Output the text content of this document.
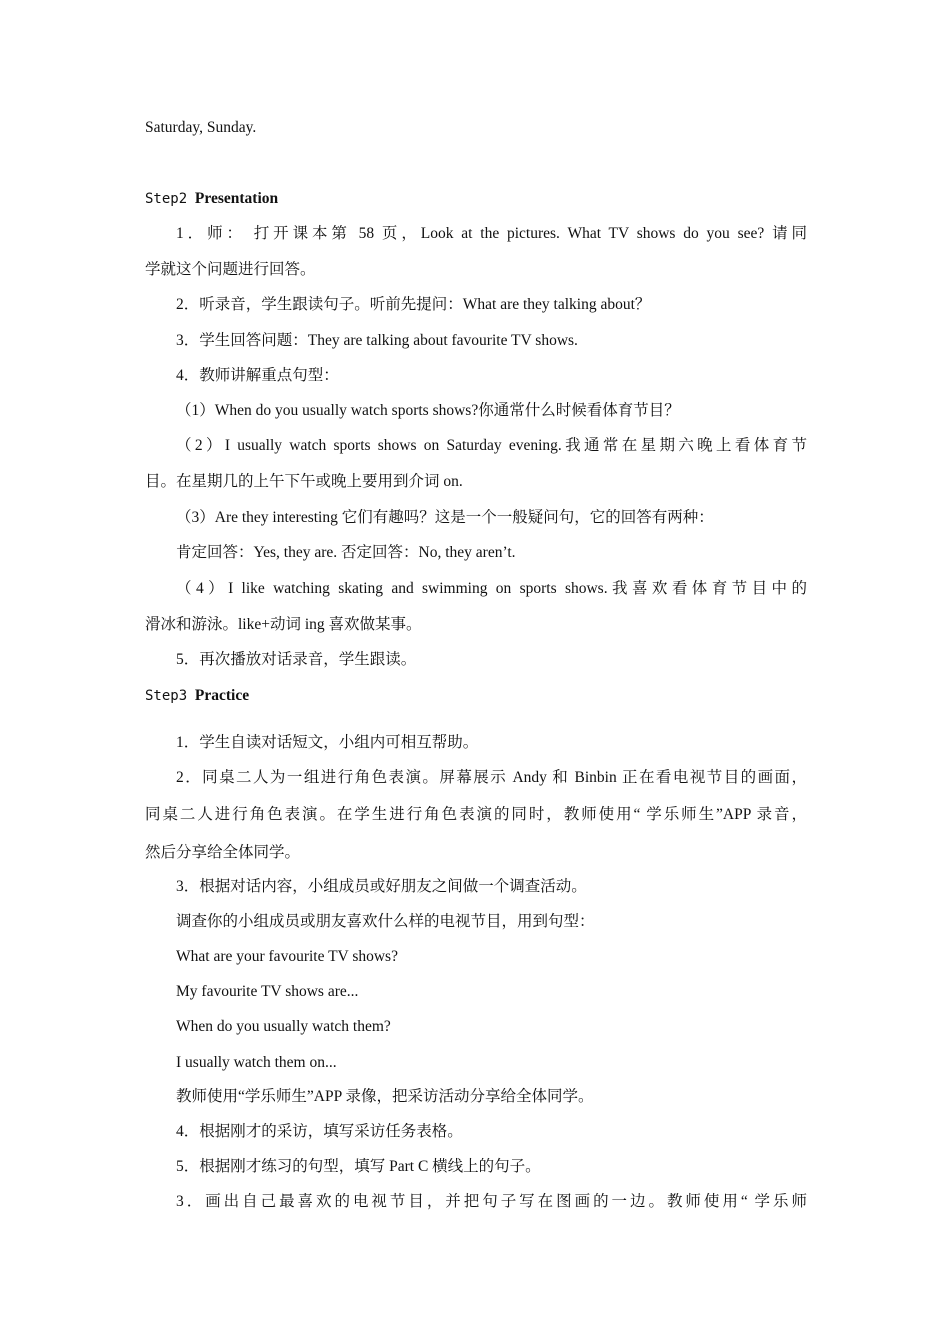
Saturday, Sunday.
Step2 Presentation
1．师： 打开课本第 58 页，Look at the pictures. What TV shows do you see? 请同
学就这个问题进行回答。
2．听录音，学生跟读句子。听前先提问：What are they talking about？
3．学生回答问题：They are talking about favourite TV shows.
4．教师讲解重点句型：
（1）When do you usually watch sports shows?你通常什么时候看体育节目？
（2）I usually watch sports shows on Saturday evening.我通常在星期六晚上看体育节
目。在星期几的上午下午或晚上要用到介词 on.
（3）Are they interesting 它们有趣吗？这是一个一般疑问句，它的回答有两种：
肯定回答：Yes, they are. 否定回答：No, they aren’t.
（4）I like watching skating and swimming on sports shows.我喜欢看体育节目中的
滑冰和游泳。like+动词 ing 喜欢做某事。
5．再次播放对话录音，学生跟读。
Step3 Practice
1．学生自读对话短文，小组内可相互帮助。
2．同桌二人为一组进行角色表演。屏幕展示 Andy 和 Binbin 正在看电视节目的画面，
同桌二人进行角色表演。在学生进行角色表演的同时，教师使用“ 学乐师生”APP 录音，
然后分享给全体同学。
3．根据对话内容，小组成员或好朋友之间做一个调查活动。
调查你的小组成员或朋友喜欢什么样的电视节目，用到句型：
What are your favourite TV shows?
My favourite TV shows are...
When do you usually watch them?
I usually watch them on...
教师使用“学乐师生”APP 录像，把采访活动分享给全体同学。
4．根据刚才的采访，填写采访任务表格。
5．根据刚才练习的句型，填写 Part C 横线上的句子。
3．画出自己最喜欢的电视节目，并把句子写在图画的一边。教师使用“ 学乐师
